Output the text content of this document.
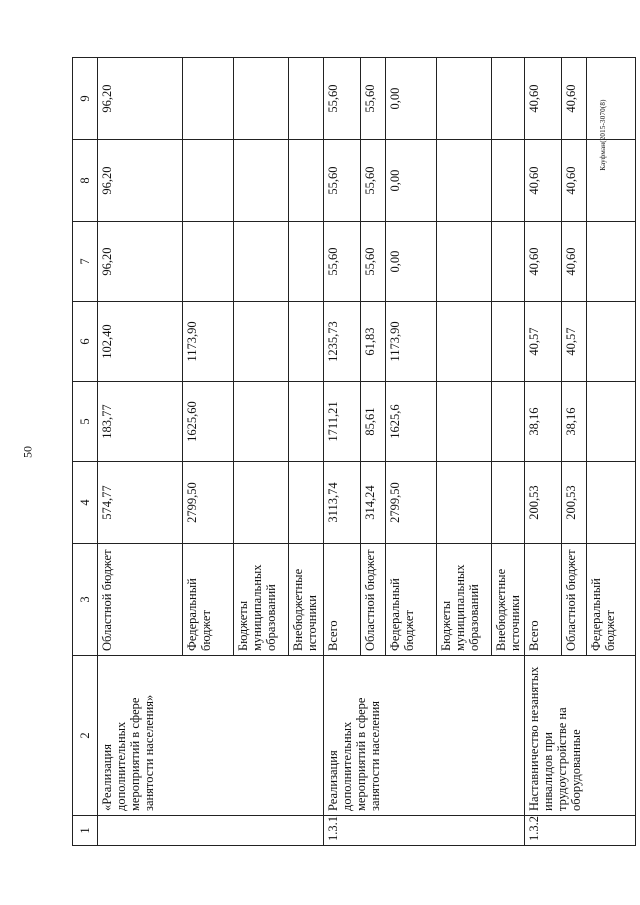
50
Кауфман(2015-3070(8)
1	2	3	4	5	6	7	8	9
	«Реализация дополнительных мероприятий в сфере занятости населения»	Областной бюджет	574,77	183,77	102,40	96,20	96,20	96,20
		Федеральный бюджет	2799,50	1625,60	1173,90			
		Бюджеты муниципальных образований						
		Внебюджетные источники						
1.3.1	Реализация дополнительных мероприятий в сфере занятости населения	Всего	3113,74	1711,21	1235,73	55,60	55,60	55,60
		Областной бюджет	314,24	85,61	61,83	55,60	55,60	55,60
		Федеральный бюджет	2799,50	1625,6	1173,90	0,00	0,00	0,00
		Бюджеты муниципальных образований						
		Внебюджетные источники						
1.3.2	Наставничество незанятых инвалидов при трудоустройстве на оборудованные	Всего	200,53	38,16	40,57	40,60	40,60	40,60
		Областной бюджет	200,53	38,16	40,57	40,60	40,60	40,60
		Федеральный бюджет						
